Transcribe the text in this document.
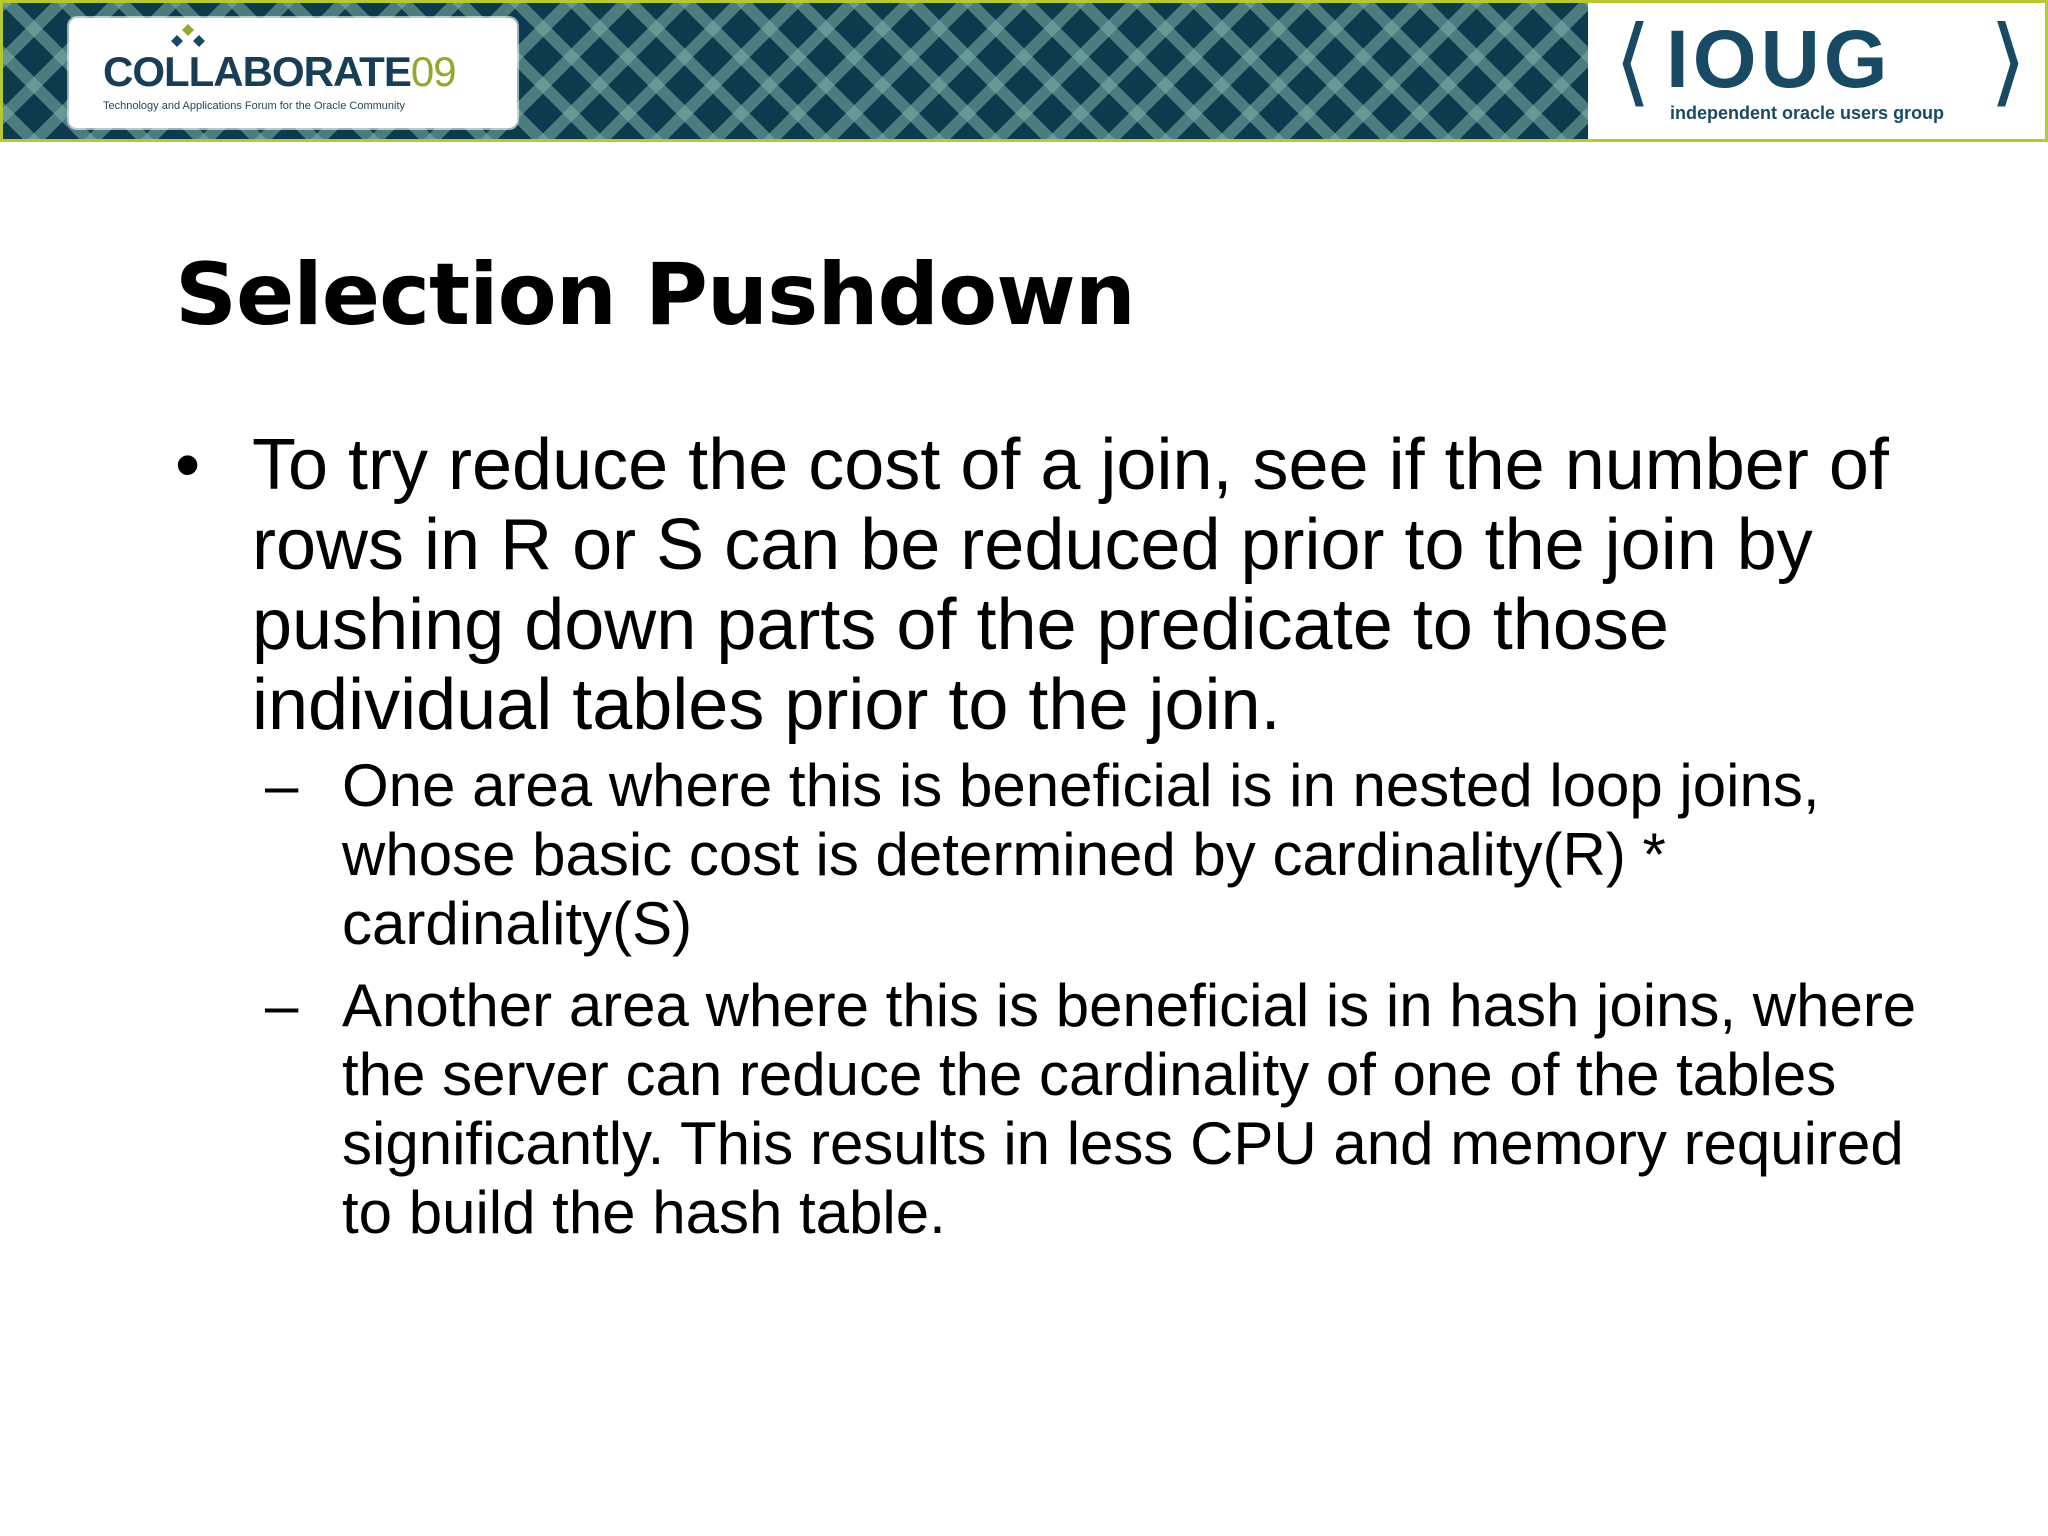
COLLABORATE09
Technology and Applications Forum for the Oracle Community	⟨ IOUG ⟩
independent oracle users group
Selection Pushdown
• To try reduce the cost of a join, see if the number of rows in R or S can be reduced prior to the join by pushing down parts of the predicate to those individual tables prior to the join.
– One area where this is beneficial is in nested loop joins, whose basic cost is determined by cardinality(R) * cardinality(S)
– Another area where this is beneficial is in hash joins, where the server can reduce the cardinality of one of the tables significantly. This results in less CPU and memory required to build the hash table.
